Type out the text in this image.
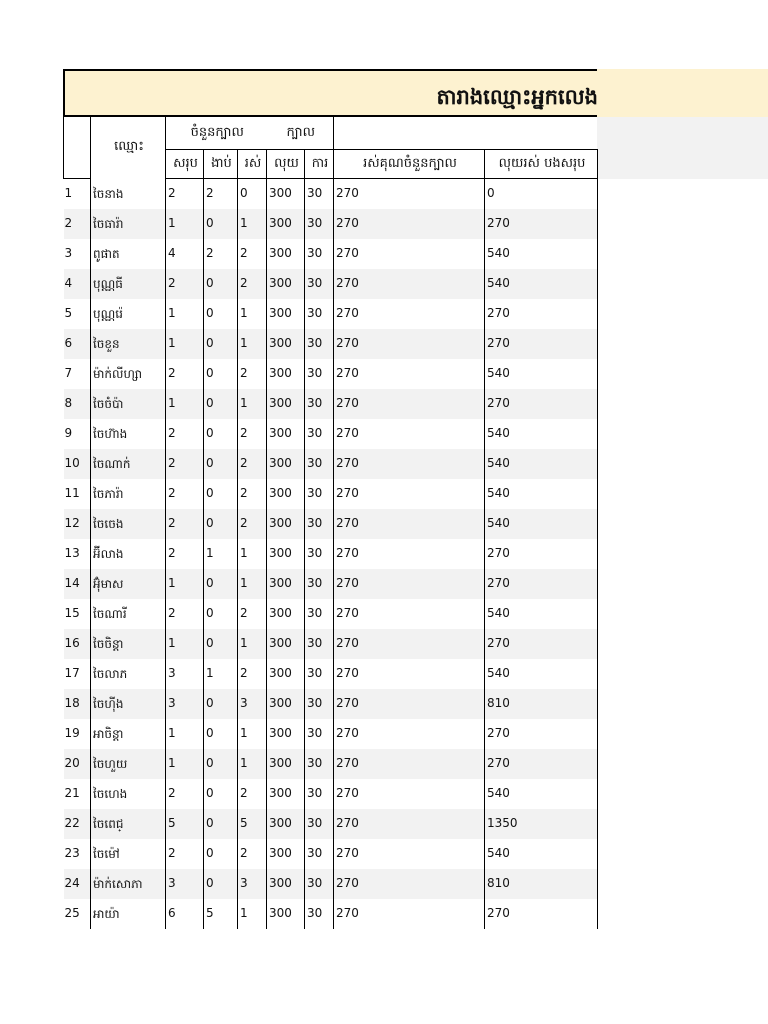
តារាងឈ្មោះអ្នកលេង
	ឈ្មោះ	ចំនួនក្បាល			ក្បាល			
		សរុប	ងាប់	រស់	លុយ	ការ	រស់គុណចំនួនក្បាល	លុយរស់ បងសរុប
1	ចៃនាង	2	2	0	300	30	270	0
2	ចៃធារ៉ា	1	0	1	300	30	270	270
3	ពូផាត	4	2	2	300	30	270	540
4	បុណ្ណធី	2	0	2	300	30	270	540
5	បុណ្ណរ៉េ	1	0	1	300	30	270	270
6	ចៃខួន	1	0	1	300	30	270	270
7	ម៉ាក់លីហ្សា	2	0	2	300	30	270	540
8	ចៃចំប៉ា	1	0	1	300	30	270	270
9	ចៃហ៊ាង	2	0	2	300	30	270	540
10	ចៃណាក់	2	0	2	300	30	270	540
11	ចៃភារ៉ា	2	0	2	300	30	270	540
12	ចៃចេង	2	0	2	300	30	270	540
13	អ៊ីលាង	2	1	1	300	30	270	270
14	អ៊ុំមាស	1	0	1	300	30	270	270
15	ចៃណារី	2	0	2	300	30	270	540
16	ចៃចិន្តា	1	0	1	300	30	270	270
17	ចៃលាភ	3	1	2	300	30	270	540
18	ចៃហ៊ីង	3	0	3	300	30	270	810
19	អាចិន្តា	1	0	1	300	30	270	270
20	ចៃហួយ	1	0	1	300	30	270	270
21	ចៃហេង	2	0	2	300	30	270	540
22	ចៃពេជ្	5	0	5	300	30	270	1350
23	ចៃម៉ៅ	2	0	2	300	30	270	540
24	ម៉ាក់សោភា	3	0	3	300	30	270	810
25	អាយ៉ា	6	5	1	300	30	270	270
